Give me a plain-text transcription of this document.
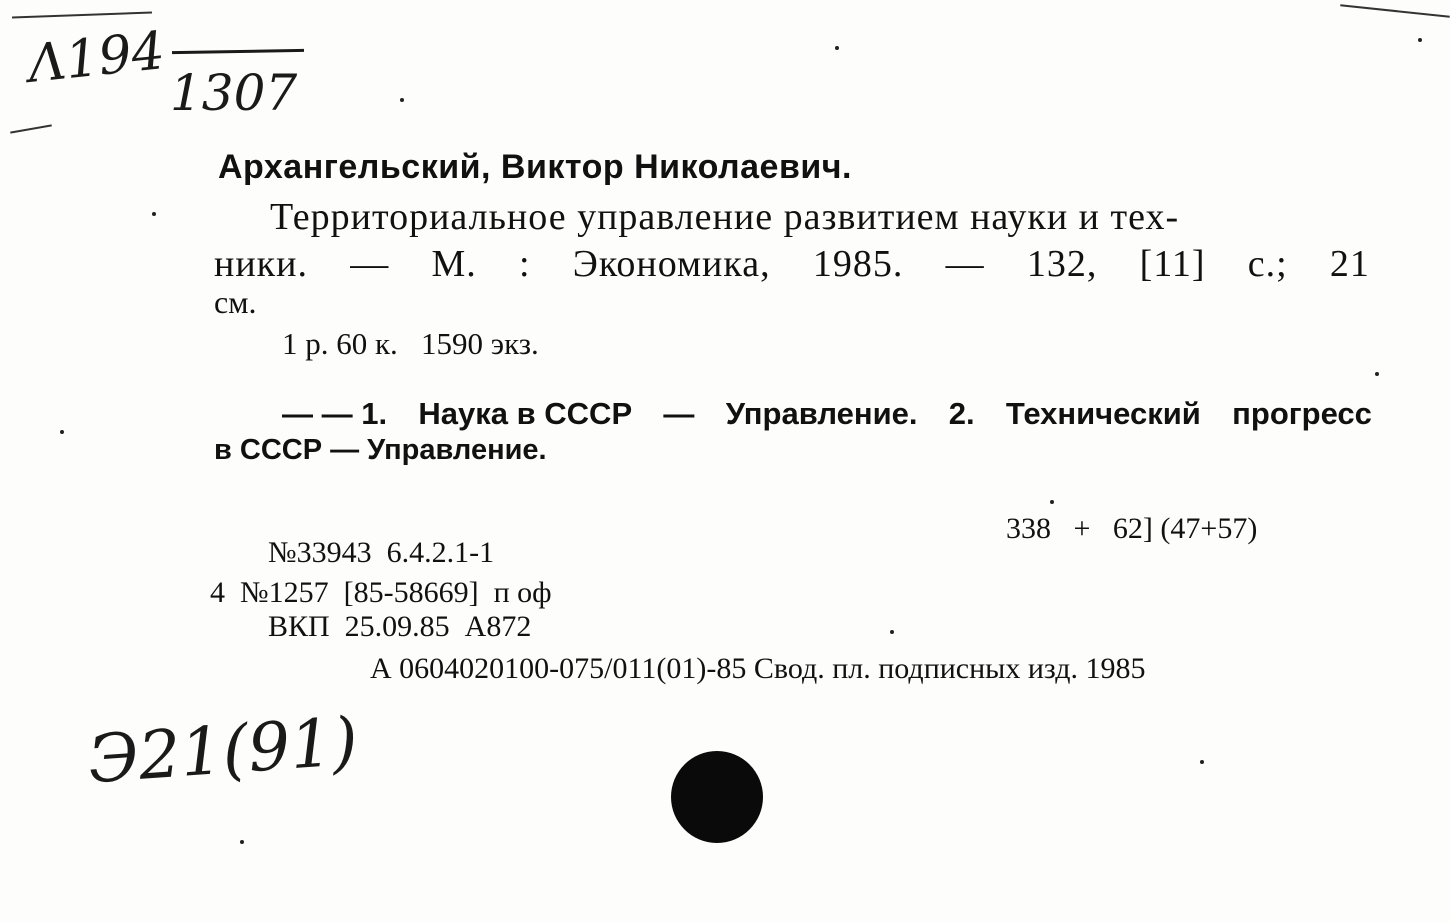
Λ194 1307
Архангельский, Виктор Николаевич.
Территориальное управление развитием науки и тех-
ники. — М. : Экономика, 1985. — 132, [11] с.; 21
см.
1 р. 60 к.   1590 экз.
— — 1. Наука в СССР — Управление. 2. Технический прогресс
в СССР — Управление.
338   +   62] (47+57)
№33943  6.4.2.1-1
4  №1257  [85-58669]  п оф
ВКП  25.09.85  А872
А 0604020100-075/011(01)-85 Свод. пл. подписных изд. 1985
Э21(91)
